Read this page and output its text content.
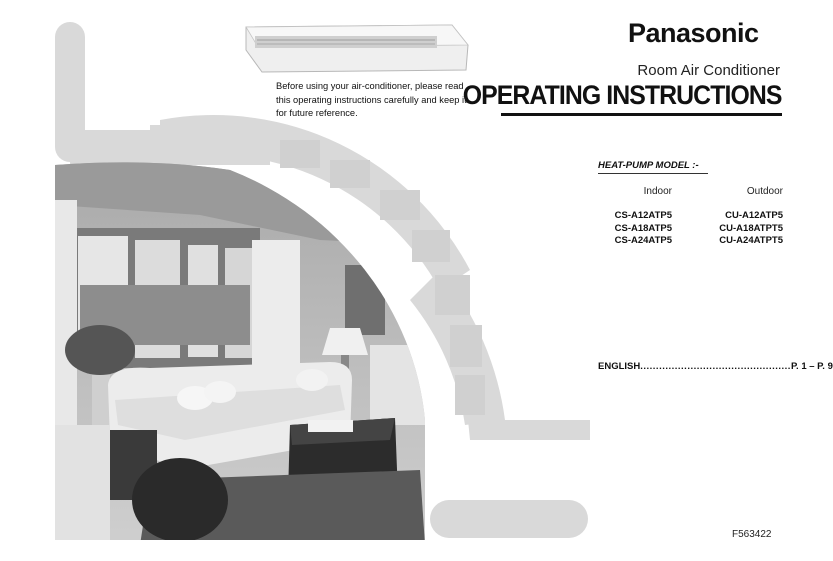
Panasonic
Room Air Conditioner
OPERATING INSTRUCTIONS
Before using your air-conditioner, please read this operating instructions carefully and keep it for future reference.
HEAT-PUMP MODEL :-
Indoor	Outdoor
CS-A12ATP5
CS-A18ATP5
CS-A24ATP5
CU-A12ATP5
CU-A18ATPT5
CU-A24ATPT5
ENGLISH ................................................ P. 1 – P. 9
F563422
